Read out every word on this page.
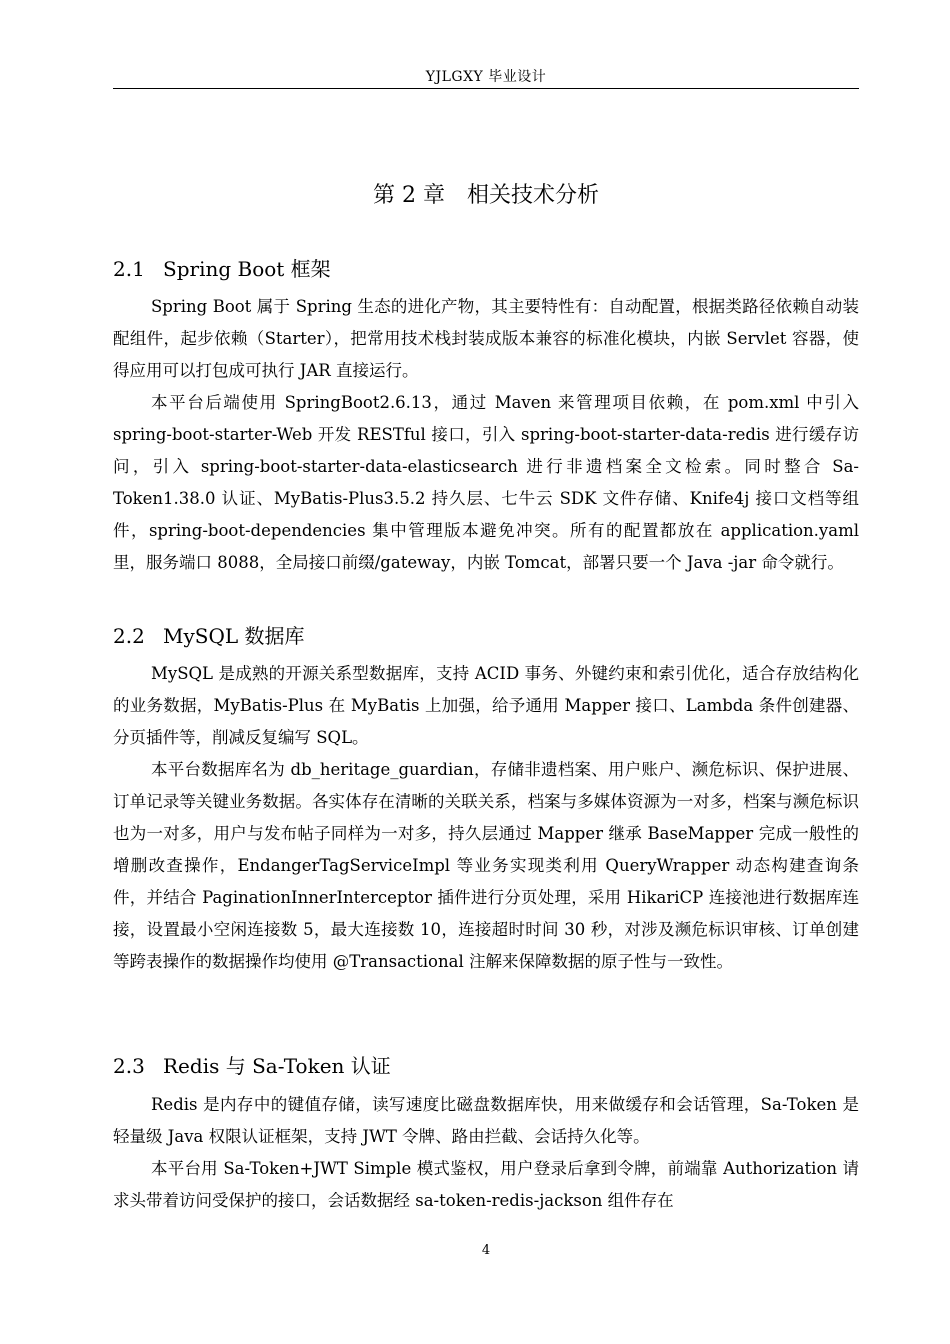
YJLGXY 毕业设计
第 2 章 相关技术分析
2.1 Spring Boot 框架

Spring Boot 属于 Spring 生态的进化产物，其主要特性有：自动配置，根据类路径依赖自动装配组件，起步依赖（Starter），把常用技术栈封装成版本兼容的标准化模块，内嵌 Servlet 容器，使得应用可以打包成可执行 JAR 直接运行。

本平台后端使用 SpringBoot2.6.13，通过 Maven 来管理项目依赖，在 pom.xml 中引入 spring-boot-starter-Web 开发 RESTful 接口，引入 spring-boot-starter-data-redis 进行缓存访问，引入 spring-boot-starter-data-elasticsearch 进行非遗档案全文检索。同时整合 Sa-Token1.38.0 认证、MyBatis-Plus3.5.2 持久层、七牛云 SDK 文件存储、Knife4j 接口文档等组件，spring-boot-dependencies 集中管理版本避免冲突。所有的配置都放在 application.yaml 里，服务端口 8088，全局接口前缀/gateway，内嵌 Tomcat，部署只要一个 Java -jar 命令就行。

2.2 MySQL 数据库

MySQL 是成熟的开源关系型数据库，支持 ACID 事务、外键约束和索引优化，适合存放结构化的业务数据，MyBatis-Plus 在 MyBatis 上加强，给予通用 Mapper 接口、Lambda 条件创建器、分页插件等，削减反复编写 SQL。

本平台数据库名为 db_heritage_guardian，存储非遗档案、用户账户、濒危标识、保护进展、订单记录等关键业务数据。各实体存在清晰的关联关系，档案与多媒体资源为一对多，档案与濒危标识也为一对多，用户与发布帖子同样为一对多，持久层通过 Mapper 继承 BaseMapper 完成一般性的增删改查操作，EndangerTagServiceImpl 等业务实现类利用 QueryWrapper 动态构建查询条件，并结合 PaginationInnerInterceptor 插件进行分页处理，采用 HikariCP 连接池进行数据库连接，设置最小空闲连接数 5，最大连接数 10，连接超时时间 30 秒，对涉及濒危标识审核、订单创建等跨表操作的数据操作均使用 @Transactional 注解来保障数据的原子性与一致性。

2.3 Redis 与 Sa-Token 认证

Redis 是内存中的键值存储，读写速度比磁盘数据库快，用来做缓存和会话管理，Sa-Token 是轻量级 Java 权限认证框架，支持 JWT 令牌、路由拦截、会话持久化等。

本平台用 Sa-Token+JWT Simple 模式鉴权，用户登录后拿到令牌，前端靠 Authorization 请求头带着访问受保护的接口，会话数据经 sa-token-redis-jackson 组件存在

4
